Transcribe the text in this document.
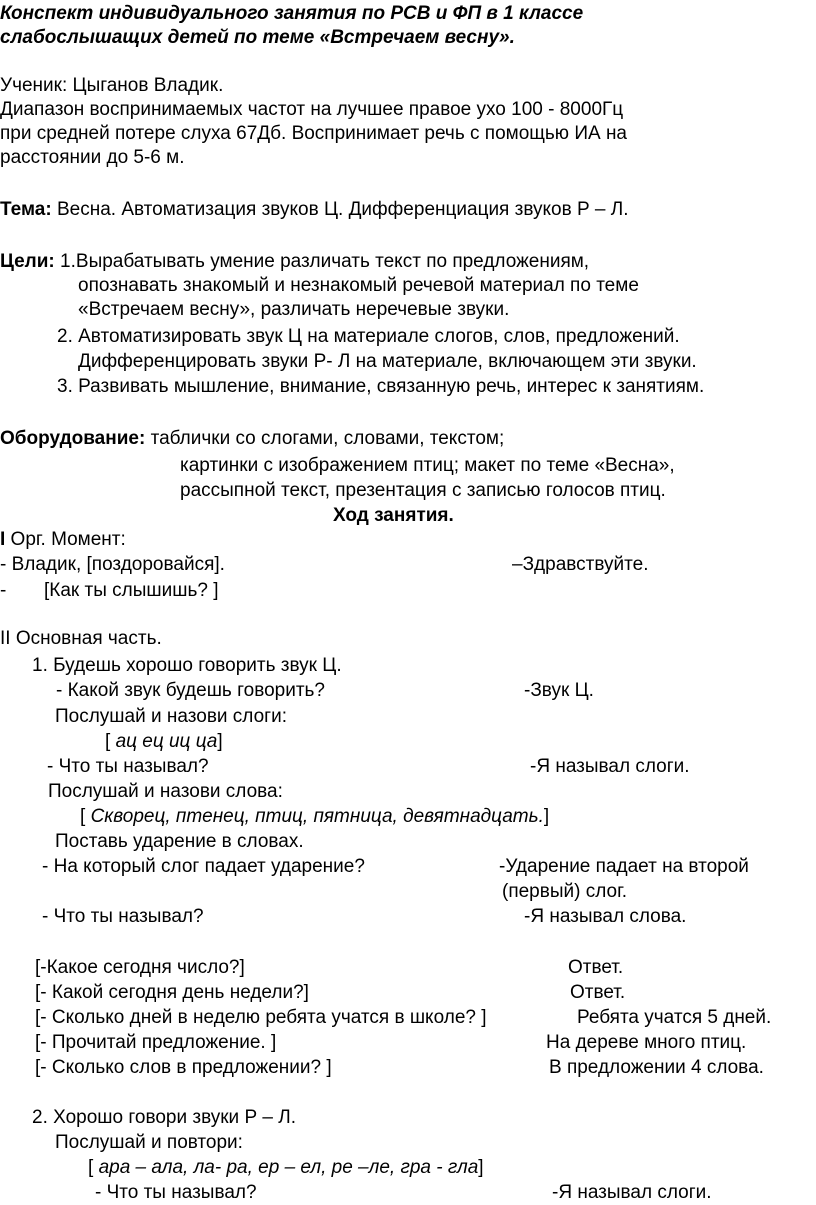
Конспект индивидуального занятия по РСВ и ФП в 1 классе
слабослышащих детей по теме «Встречаем весну».
Ученик: Цыганов Владик.
Диапазон воспринимаемых частот на лучшее правое ухо 100 - 8000Гц
при средней потере слуха 67Дб. Воспринимает речь с помощью ИА на
расстоянии до 5-6 м.
Тема: Весна. Автоматизация звуков Ц. Дифференциация звуков Р – Л.
Цели: 1.Вырабатывать умение различать текст по предложениям,
опознавать знакомый и незнакомый речевой материал по теме
«Встречаем весну», различать неречевые звуки.
2. Автоматизировать звук Ц на материале слогов, слов, предложений.
Дифференцировать звуки Р- Л на материале, включающем эти звуки.
3. Развивать мышление, внимание, связанную речь, интерес к занятиям.
Оборудование: таблички со слогами, словами, текстом;
картинки с изображением птиц; макет по теме «Весна»,
рассыпной текст, презентация с записью голосов птиц.
Ход занятия.
I Орг. Момент:
- Владик, [поздоровайся].	–Здравствуйте.
- [Как ты слышишь? ]
II Основная часть.
1. Будешь хорошо говорить звук Ц.
- Какой звук будешь говорить?	-Звук Ц.
Послушай и назови слоги:
[ ац ец иц ца]
- Что ты называл?	-Я называл слоги.
Послушай и назови слова:
[ Скворец, птенец, птиц, пятница, девятнадцать.]
Поставь ударение в словах.
- На который слог падает ударение?	-Ударение падает на второй
(первый) слог.
- Что ты называл?	-Я называл слова.
[-Какое сегодня число?]	Ответ.
[- Какой сегодня день недели?]	Ответ.
[- Сколько дней в неделю ребята учатся в школе? ]	Ребята учатся 5 дней.
[- Прочитай предложение. ]	На дереве много птиц.
[- Сколько слов в предложении? ]	В предложении 4 слова.
2. Хорошо говори звуки Р – Л.
Послушай и повтори:
[ ара – ала, ла- ра, ер – ел, ре –ле, гра - гла]
- Что ты называл?	-Я называл слоги.
